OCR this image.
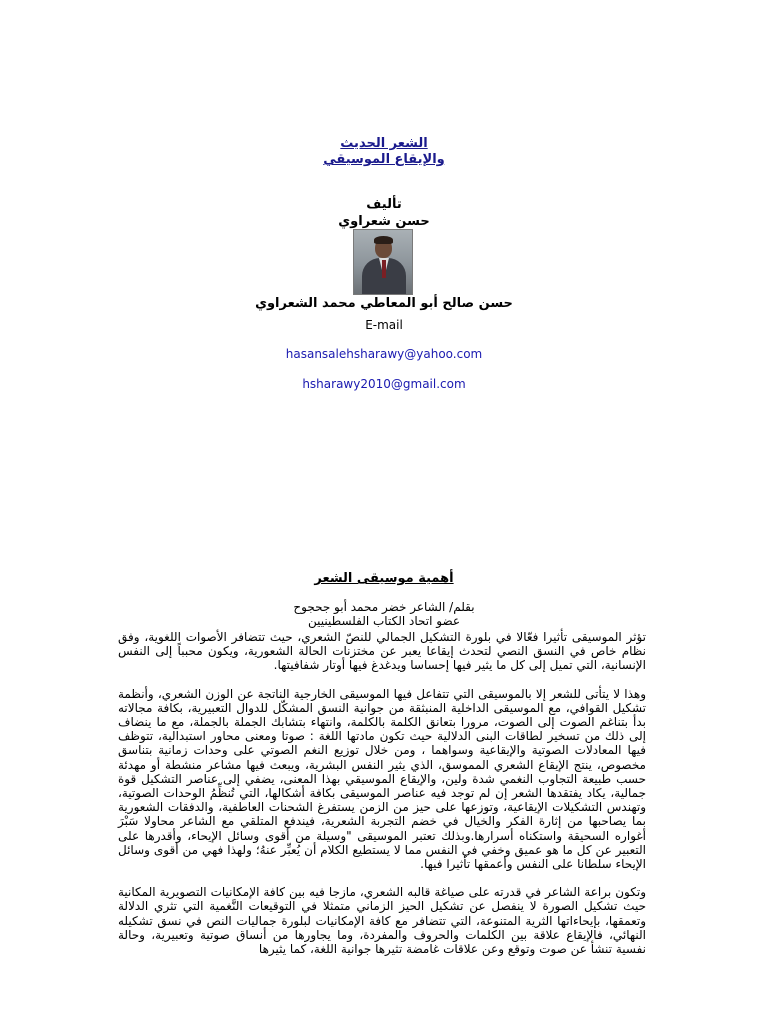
الشعر الحديث
والإيقاع الموسيقي
تأليف
حسن شعراوي
حسن صالح أبو المعاطي محمد الشعراوي
E-mail
hasansalehsharawy@yahoo.com
hsharawy2010@gmail.com
أهمية موسيقى الشعر
بقلم/ الشاعر خضر محمد أبو جحجوح
عضو اتحاد الكتاب الفلسطينيين

تؤثر الموسيقى تأثيرا فعّالا في بلورة التشكيل الجمالي للنصّ الشعري، حيث تتضافر الأصوات اللغوية، وفق نظام خاص في النسق النصي لتحدث إيقاعا يعبر عن مختزنات الحالة الشعورية، ويكون محبباً إلى النفس الإنسانية، التي تميل إلى كل ما يثير فيها إحساسا ويدغدغ فيها أوتار شفافيتها.

وهذا لا يتأتى للشعر إلا بالموسيقى التي تتفاعل فيها الموسيقى الخارجية الناتجة عن الوزن الشعري، وأنظمة تشكيل القوافي، مع الموسيقى الداخلية المنبثقة من جوانية النسق المشكّل للدوال التعبيرية، بكافة مجالاته بدأ بتناغم الصوت إلى الصوت، مرورا بتعانق الكلمة بالكلمة، وانتهاء بتشابك الجملة بالجملة، مع ما ينضاف إلى ذلك من تسخير لطاقات البنى الدلالية حيث تكون مادتها اللغة : صوتا ومعنى محاور استبدالية، تتوظف فيها المعادلات الصوتية والإيقاعية وسواهما ، ومن خلال توزيع النغم الصوتي على وحدات زمانية بتناسق مخصوص، ينتج الإيقاع الشعري المموسق، الذي يثير النفس البشرية، ويبعث فيها مشاعر منشطة أو مهدئة حسب طبيعة التجاوب النغمي شدة ولين، والإيقاع الموسيقي بهذا المعنى، يضفي إلى عناصر التشكيل قوة جمالية، يكاد يفتقدها الشعر إن لم توجد فيه عناصر الموسيقى بكافة أشكالها، التي تُنظِّمُ الوحدات الصوتية، وتهندس التشكيلات الإيقاعية، وتوزعها على حيز من الزمن يستفرغ الشحنات العاطفية، والدفقات الشعورية بما يصاحبها من إثارة الفكر والخيال في خضم التجربة الشعرية، فيندفع المتلقي مع الشاعر محاولا سَبْرَ أغواره السحيقة واستكناه أسرارها.وبذلك تعتبر الموسيقى "وسيلة من أقوى وسائل الإيحاء، وأقدرها على التعبير عن كل ما هو عميق وخفي في النفس مما لا يستطيع الكلام أن يُعبِّر عنهُ؛ ولهذا فهي من أقوى وسائل الإيحاء سلطانا على النفس وأعمقها تأثيرا فيها.

وتكون براعة الشاعر في قدرته على صياغة قالبه الشعري، مازجا فيه بين كافة الإمكانيات التصويرية المكانية حيث تشكيل الصورة لا ينفصل عن تشكيل الحيز الزماني متمثلا في التوقيعات النَّغمية التي تثري الدلالة وتعمقها، بإيحاءاتها الثرية المتنوعة، التي تتضافر مع كافة الإمكانيات لبلورة جماليات النص في نسق تشكيله النهائي، فالإيقاع علاقة بين الكلمات والحروف والمفردة، وما يجاورها من أنساق صوتية وتعبيرية، وحالة نفسية تنشأ عن صوت وتوقع وعن علاقات غامضة تثيرها جوانية اللغة، كما يثيرها
